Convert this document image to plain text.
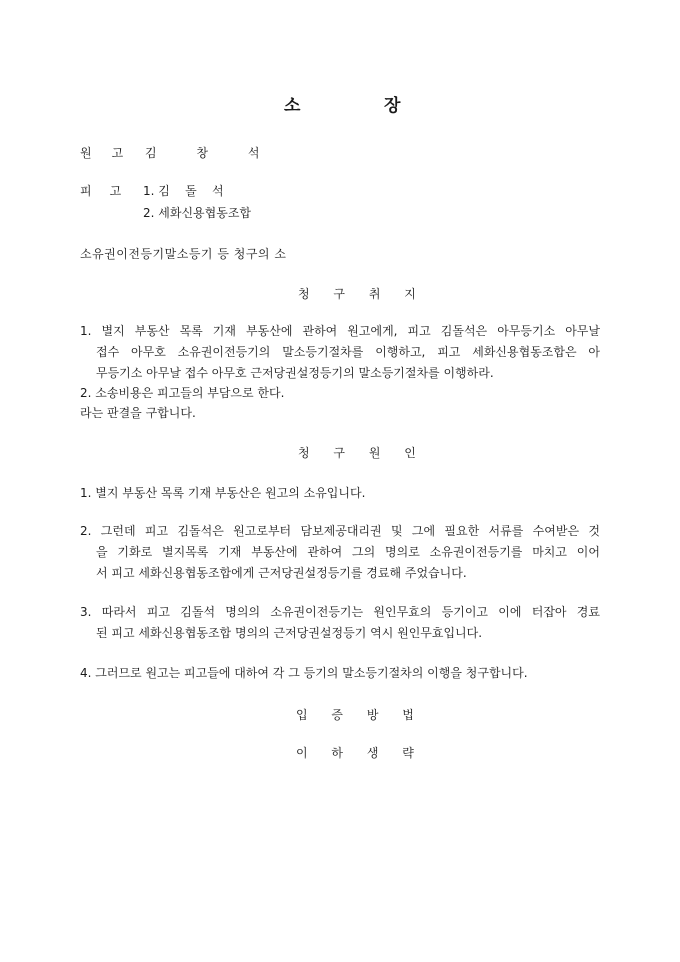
소	장
원고 김 창 석
피고 1. 김    돌    석
2. 세화신용협동조합
소유권이전등기말소등기 등 청구의 소
청 구 취 지
1. 별지 부동산 목록 기재 부동산에 관하여 원고에게, 피고 김돌석은 아무등기소 아무날
접수 아무호 소유권이전등기의 말소등기절차를 이행하고, 피고 세화신용협동조합은 아
무등기소 아무날 접수 아무호 근저당권설정등기의 말소등기절차를 이행하라.
2. 소송비용은 피고들의 부담으로 한다.
라는 판결을 구합니다.
청 구 원 인
1. 별지 부동산 목록 기재 부동산은 원고의 소유입니다.
2. 그런데 피고 김돌석은 원고로부터 담보제공대리권 및 그에 필요한 서류를 수여받은 것
을 기화로 별지목록 기재 부동산에 관하여 그의 명의로 소유권이전등기를 마치고 이어
서 피고 세화신용협동조합에게 근저당권설정등기를 경료해 주었습니다.
3. 따라서 피고 김돌석 명의의 소유권이전등기는 원인무효의 등기이고 이에 터잡아 경료
된 피고 세화신용협동조합 명의의 근저당권설정등기 역시 원인무효입니다.
4. 그러므로 원고는 피고들에 대하여 각 그 등기의 말소등기절차의 이행을 청구합니다.
입 증 방 법
이 하 생 략
